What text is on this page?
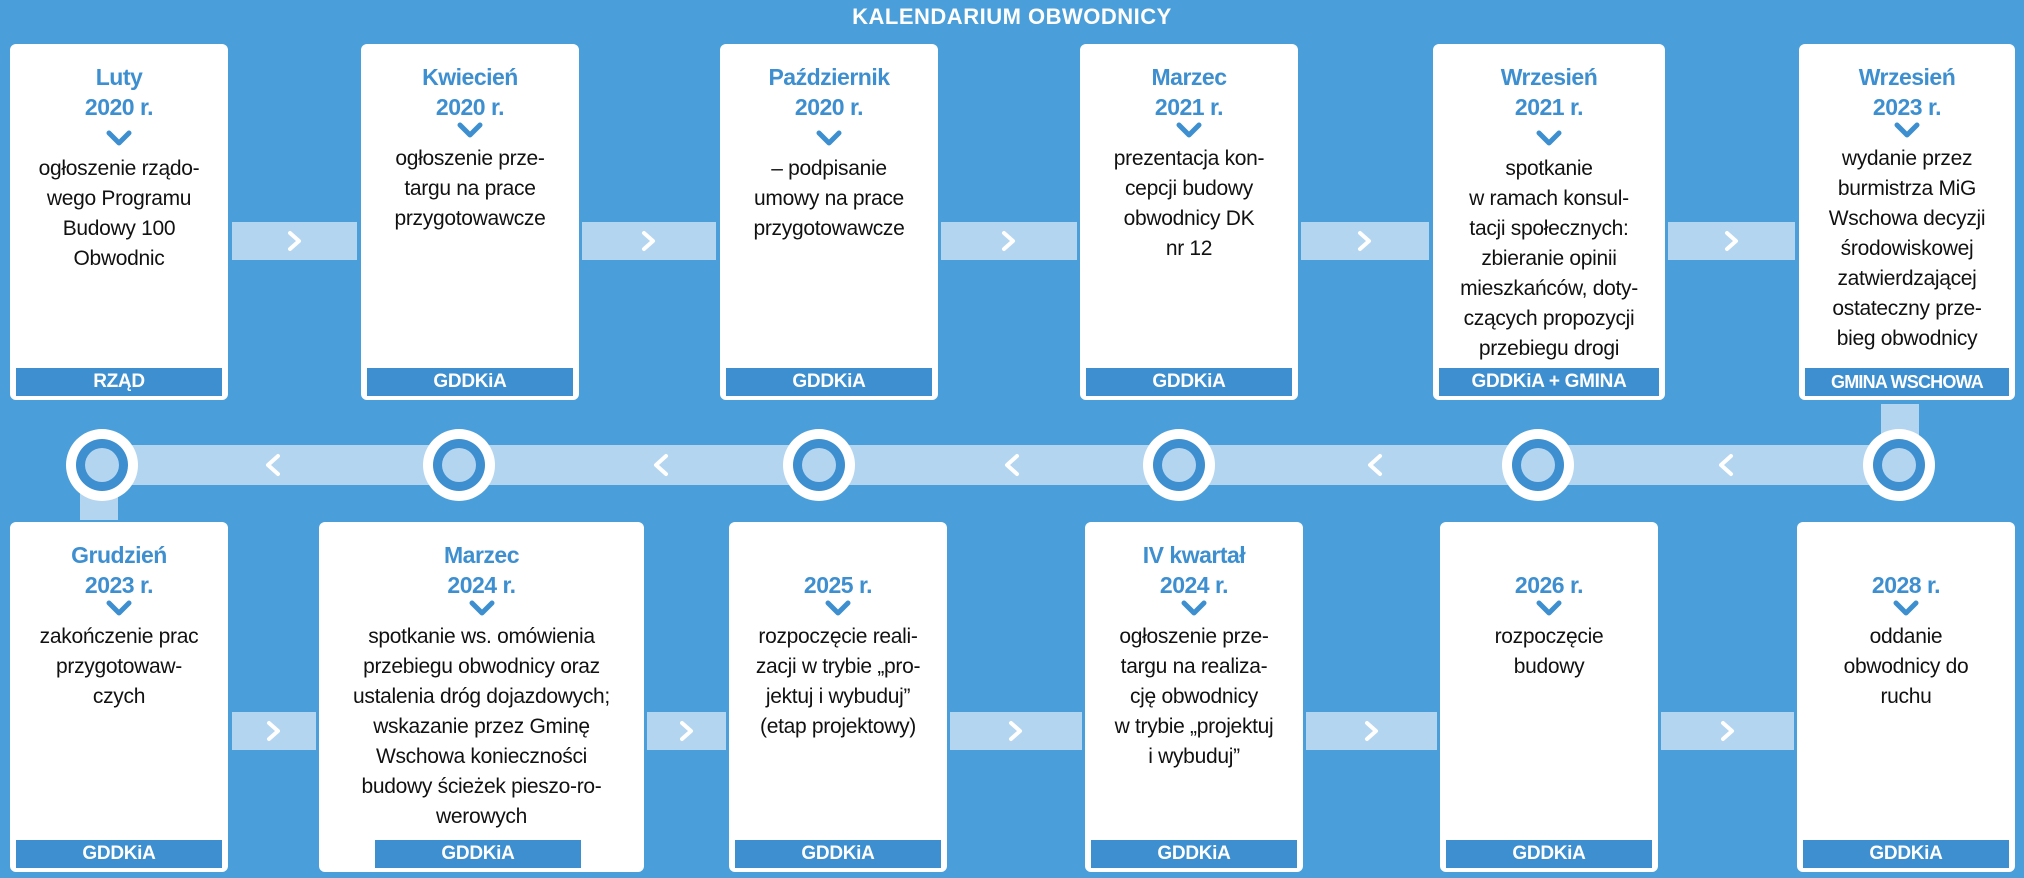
KALENDARIUM OBWODNICY
Luty
2020 r.
ogłoszenie rządo-
wego Programu
Budowy 100
Obwodnic
RZĄD
Kwiecień
2020 r.
ogłoszenie prze-
targu na prace
przygotowawcze
GDDKiA
Październik
2020 r.
– podpisanie
umowy na prace
przygotowawcze
GDDKiA
Marzec
2021 r.
prezentacja kon-
cepcji budowy
obwodnicy DK
nr 12
GDDKiA
Wrzesień
2021 r.
spotkanie
w ramach konsul-
tacji społecznych:
zbieranie opinii
mieszkańców, doty-
czących propozycji
przebiegu drogi
GDDKiA + GMINA
Wrzesień
2023 r.
wydanie przez
burmistrza MiG
Wschowa decyzji
środowiskowej
zatwierdzającej
ostateczny prze-
bieg obwodnicy
GMINA WSCHOWA
Grudzień
2023 r.
zakończenie prac
przygotowaw-
czych
GDDKiA
Marzec
2024 r.
spotkanie ws. omówienia
przebiegu obwodnicy oraz
ustalenia dróg dojazdowych;
wskazanie przez Gminę
Wschowa konieczności
budowy ścieżek pieszo-ro-
werowych
GDDKiA
2025 r.
rozpoczęcie reali-
zacji w trybie „pro-
jektuj i wybuduj”
(etap projektowy)
GDDKiA
IV kwartał
2024 r.
ogłoszenie prze-
targu na realiza-
cję obwodnicy
w trybie „projektuj
i wybuduj”
GDDKiA
2026 r.
rozpoczęcie
budowy
GDDKiA
2028 r.
oddanie
obwodnicy do
ruchu
GDDKiA
